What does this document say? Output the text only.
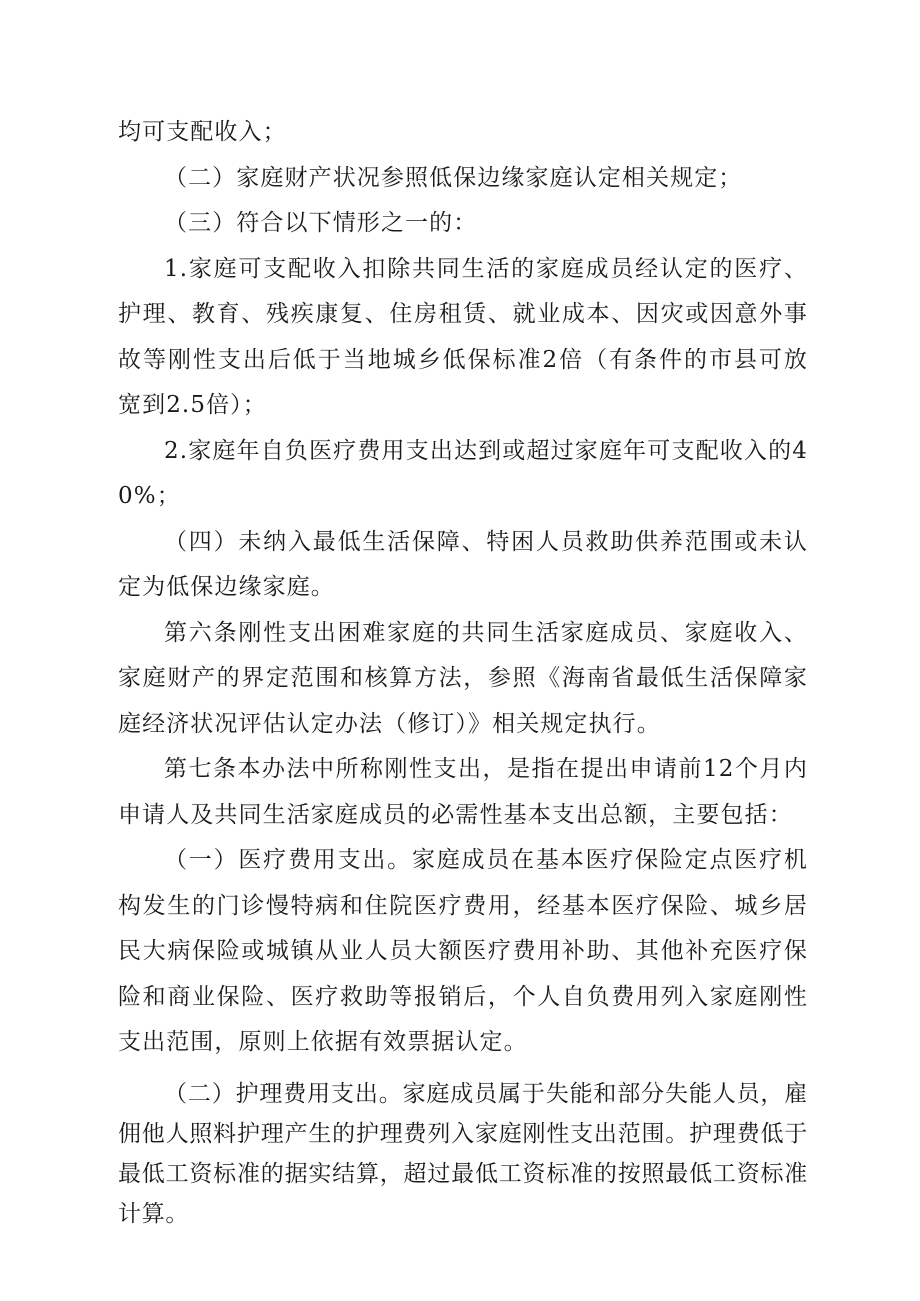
均可支配收入；

（二）家庭财产状况参照低保边缘家庭认定相关规定；

（三）符合以下情形之一的：

1.家庭可支配收入扣除共同生活的家庭成员经认定的医疗、护理、教育、残疾康复、住房租赁、就业成本、因灾或因意外事故等刚性支出后低于当地城乡低保标准2倍（有条件的市县可放宽到2.5倍）；

2.家庭年自负医疗费用支出达到或超过家庭年可支配收入的40%；

（四）未纳入最低生活保障、特困人员救助供养范围或未认定为低保边缘家庭。

第六条刚性支出困难家庭的共同生活家庭成员、家庭收入、家庭财产的界定范围和核算方法，参照《海南省最低生活保障家庭经济状况评估认定办法（修订）》相关规定执行。

第七条本办法中所称刚性支出，是指在提出申请前12个月内申请人及共同生活家庭成员的必需性基本支出总额，主要包括：

（一）医疗费用支出。家庭成员在基本医疗保险定点医疗机构发生的门诊慢特病和住院医疗费用，经基本医疗保险、城乡居民大病保险或城镇从业人员大额医疗费用补助、其他补充医疗保险和商业保险、医疗救助等报销后，个人自负费用列入家庭刚性支出范围，原则上依据有效票据认定。

（二）护理费用支出。家庭成员属于失能和部分失能人员，雇佣他人照料护理产生的护理费列入家庭刚性支出范围。护理费低于最低工资标准的据实结算，超过最低工资标准的按照最低工资标准计算。
